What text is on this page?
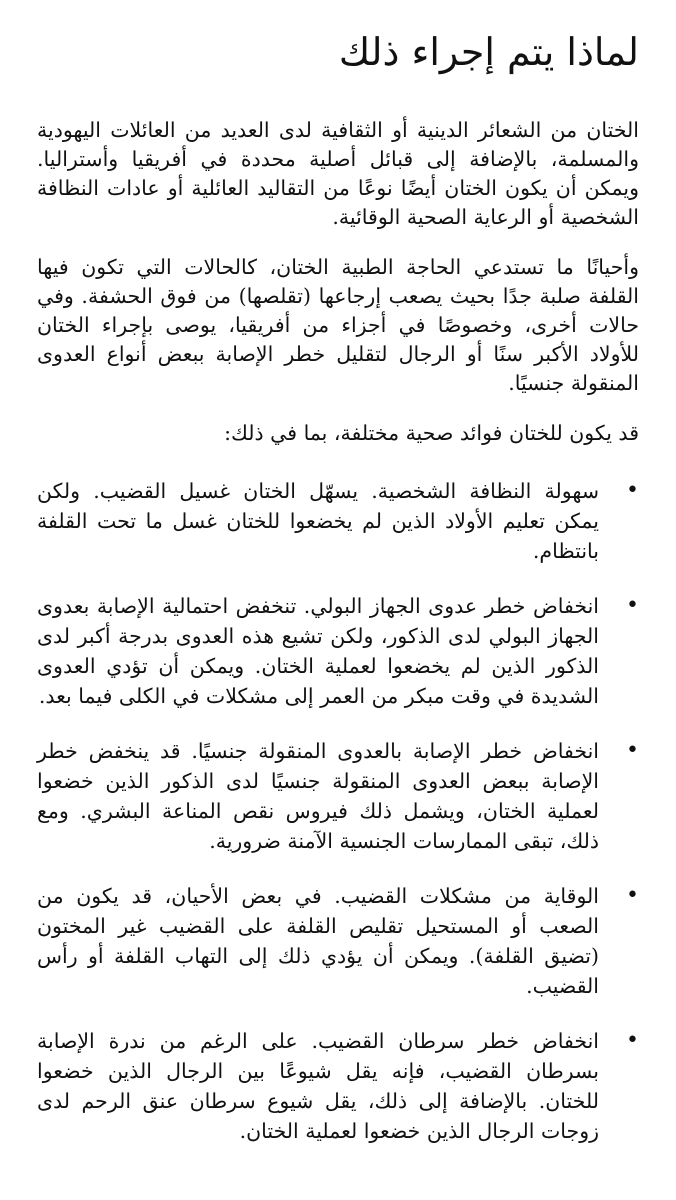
لماذا يتم إجراء ذلك

الختان من الشعائر الدينية أو الثقافية لدى العديد من العائلات اليهودية والمسلمة، بالإضافة إلى قبائل أصلية محددة في أفريقيا وأستراليا. ويمكن أن يكون الختان أيضًا نوعًا من التقاليد العائلية أو عادات النظافة الشخصية أو الرعاية الصحية الوقائية.

وأحيانًا ما تستدعي الحاجة الطبية الختان، كالحالات التي تكون فيها القلفة صلبة جدًا بحيث يصعب إرجاعها (تقلصها) من فوق الحشفة. وفي حالات أخرى، وخصوصًا في أجزاء من أفريقيا، يوصى بإجراء الختان للأولاد الأكبر سنًا أو الرجال لتقليل خطر الإصابة ببعض أنواع العدوى المنقولة جنسيًا.

قد يكون للختان فوائد صحية مختلفة، بما في ذلك:

•
سهولة النظافة الشخصية. يسهّل الختان غسيل القضيب. ولكن يمكن تعليم الأولاد الذين لم يخضعوا للختان غسل ما تحت القلفة بانتظام.
•
انخفاض خطر عدوى الجهاز البولي. تنخفض احتمالية الإصابة بعدوى الجهاز البولي لدى الذكور، ولكن تشيع هذه العدوى بدرجة أكبر لدى الذكور الذين لم يخضعوا لعملية الختان. ويمكن أن تؤدي العدوى الشديدة في وقت مبكر من العمر إلى مشكلات في الكلى فيما بعد.
•
انخفاض خطر الإصابة بالعدوى المنقولة جنسيًا. قد ينخفض خطر الإصابة ببعض العدوى المنقولة جنسيًا لدى الذكور الذين خضعوا لعملية الختان، ويشمل ذلك فيروس نقص المناعة البشري. ومع ذلك، تبقى الممارسات الجنسية الآمنة ضرورية.
•
الوقاية من مشكلات القضيب. في بعض الأحيان، قد يكون من الصعب أو المستحيل تقليص القلفة على القضيب غير المختون (تضيق القلفة). ويمكن أن يؤدي ذلك إلى التهاب القلفة أو رأس القضيب.
•
انخفاض خطر سرطان القضيب. على الرغم من ندرة الإصابة بسرطان القضيب، فإنه يقل شيوعًا بين الرجال الذين خضعوا للختان. بالإضافة إلى ذلك، يقل شيوع سرطان عنق الرحم لدى زوجات الرجال الذين خضعوا لعملية الختان.
